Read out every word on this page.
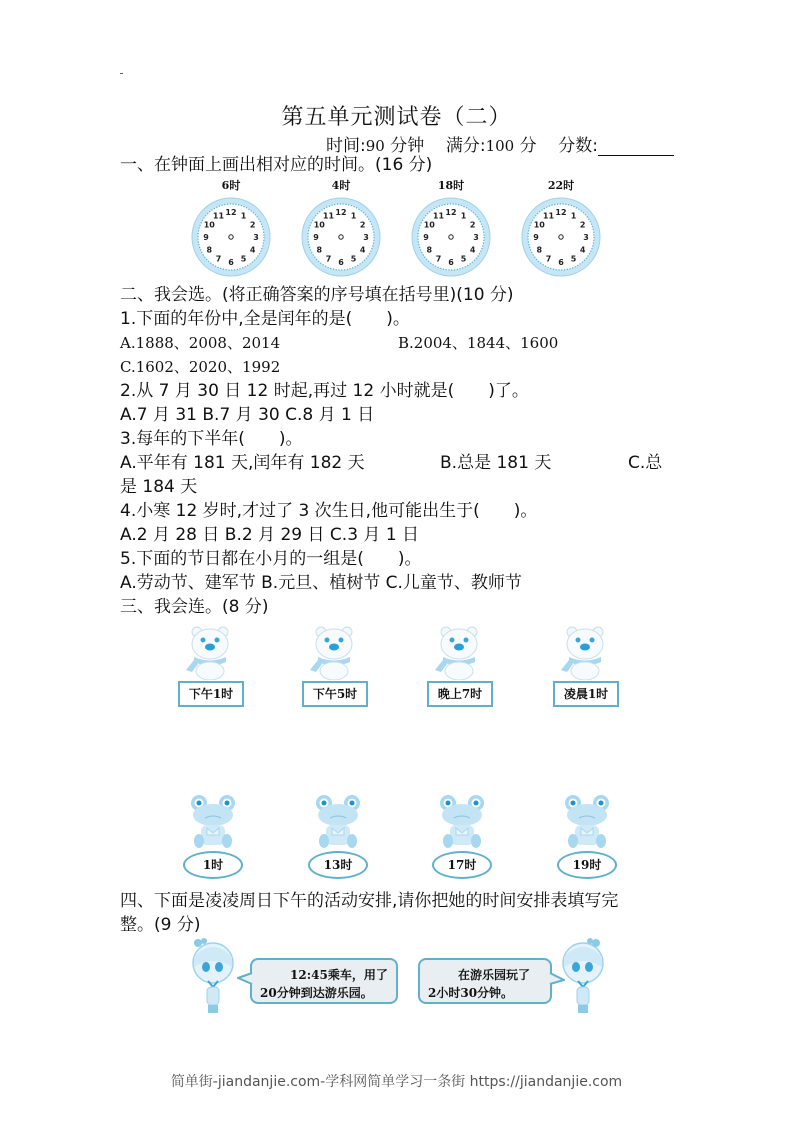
第五单元测试卷（二）
时间:90 分钟 满分:100 分 分数:
一、在钟面上画出相对应的时间。(16 分)
6时
12 1
2
3
4
5
6
7
8
9
10
11
4时
12 1
2
3
4
5
6
7
8
9
10
11
18时
12 1
2
3
4
5
6
7
8
9
10
11
22时
12 1
2
3
4
5
6
7
8
9
10
11
二、我会选。(将正确答案的序号填在括号里)(10 分)
1.下面的年份中,全是闰年的是(　　)。
A.1888、2008、2014	B.2004、1844、1600
C.1602、2020、1992
2.从 7 月 30 日 12 时起,再过 12 小时就是(　　)了。
A.7 月 31 B.7 月 30 C.8 月 1 日
3.每年的下半年(　　)。
A.平年有 181 天,闰年有 182 天	B.总是 181 天	C.总
是 184 天
4.小寒 12 岁时,才过了 3 次生日,他可能出生于(　　)。
A.2 月 28 日 B.2 月 29 日 C.3 月 1 日
5.下面的节日都在小月的一组是(　　)。
A.劳动节、建军节 B.元旦、植树节 C.儿童节、教师节
三、我会连。(8 分)
下午1时	下午5时	晚上7时	凌晨1时
1时	13时	17时	19时
四、下面是凌凌周日下午的活动安排,请你把她的时间安排表填写完
整。(9 分)
12:45乘车，用了
20分钟到达游乐园。
在游乐园玩了
2小时30分钟。
简单街-jiandanjie.com-学科网简单学习一条街 https://jiandanjie.com
